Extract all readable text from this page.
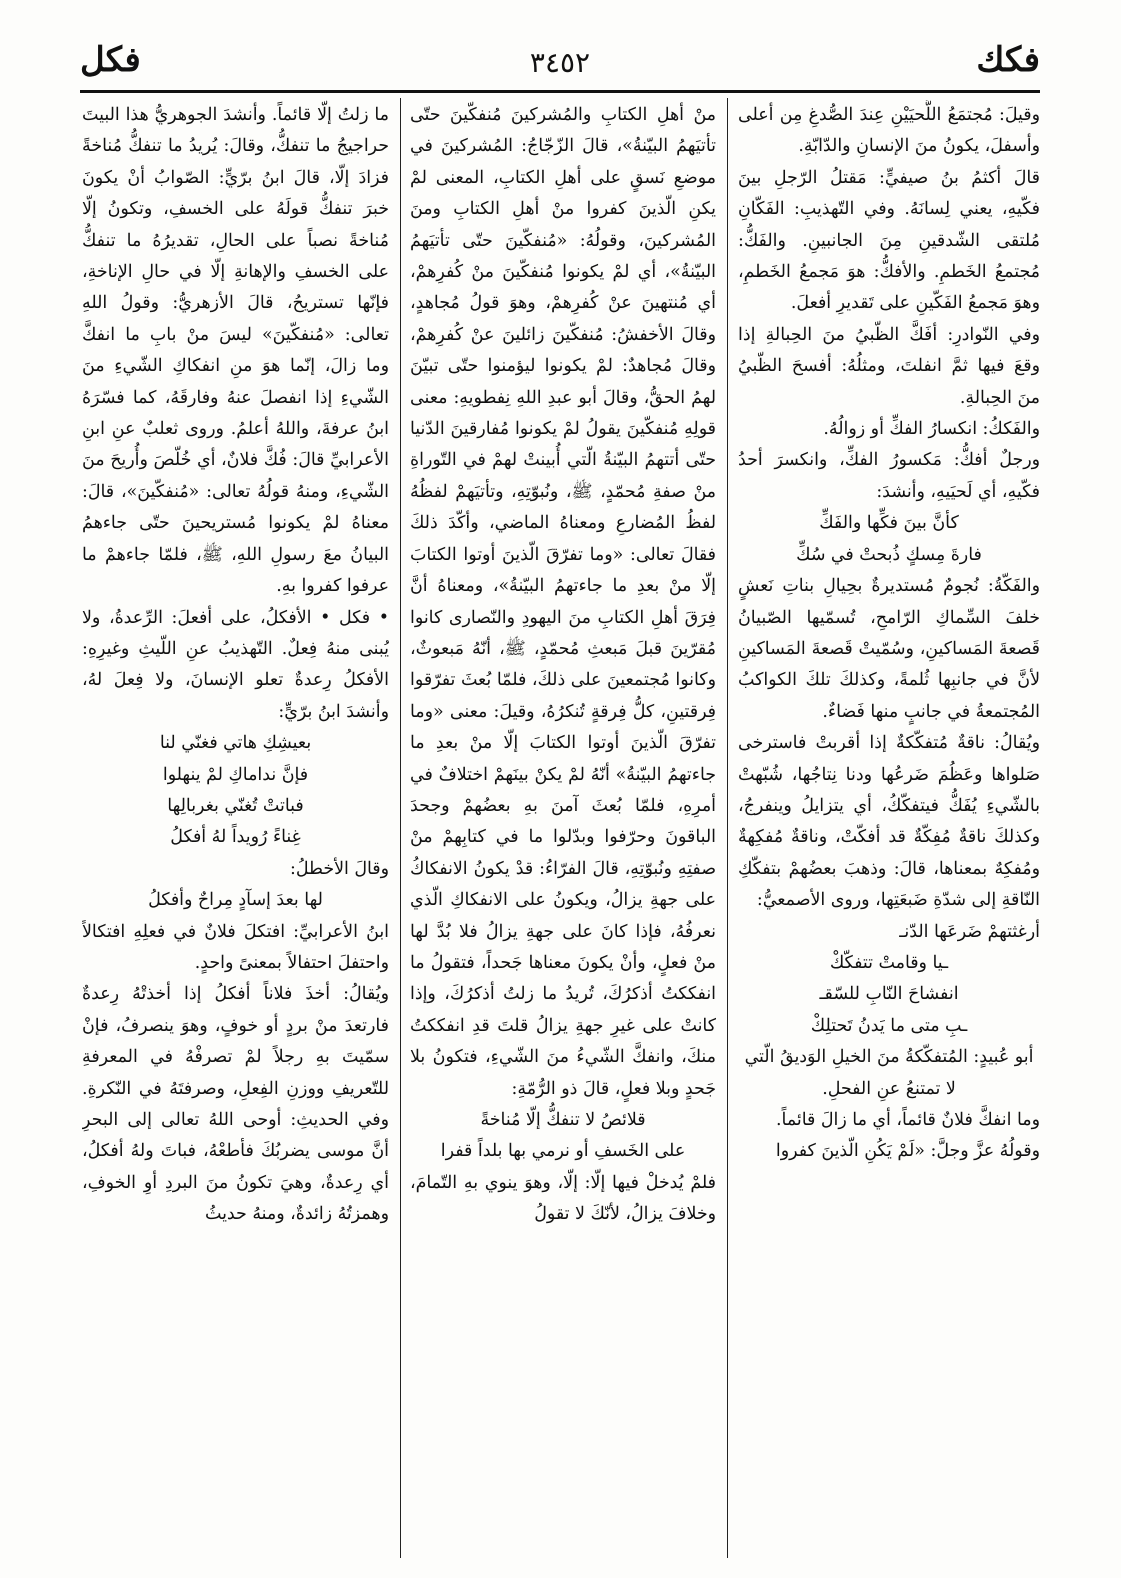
فكك
٣٤٥٢
فكل

وقيلَ: مُجتمَعُ اللَّحيَيْنِ عِندَ الصُّدغِ مِن أعلى وأسفلَ، يكونُ منَ الإنسانِ والدّابّةِ.

قالَ أكثمُ بنُ صيفيٍّ: مَقتلُ الرّجلِ بينَ فكّيهِ، يعني لِسانَهُ. وفي التّهذيبِ: الفَكّانِ مُلتقى الشّدقينِ مِنَ الجانبينِ. والفَكُّ: مُجتمعُ الخَطمِ. والأفكُّ: هوَ مَجمعُ الخَطمِ، وهوَ مَجمعُ الفَكّينِ على تَقديرِ أفعلَ.

وفي النّوادرِ: أفَكَّ الظّبيُ منَ الحِبالةِ إذا وقعَ فيها ثمَّ انفلتَ، ومثلُهُ: أفسحَ الظّبيُ منَ الحِبالةِ.

والفَككُ: انكسارُ الفكِّ أو زوالُهُ.

ورجلٌ أفكُّ: مَكسورُ الفكِّ، وانكسرَ أحدُ فكّيهِ، أي لَحيَيهِ، وأنشدَ:

كأنَّ بينَ فكِّها والفَكِّ

فارةَ مِسكٍ ذُبحتْ في سُكِّ

والفَكّةُ: نُجومٌ مُستديرةٌ بحِيالِ بناتِ نَعشٍ خلفَ السِّماكِ الرّامحِ، تُسمّيها الصّبيانُ قَصعةَ المَساكينِ، وسُمّيتْ قَصعةَ المَساكينِ لأنَّ في جانبِها ثُلمةً، وكذلكَ تلكَ الكواكبُ المُجتمعةُ في جانبٍ منها فَضاءٌ.

ويُقالُ: ناقةٌ مُتفكّكةٌ إذا أقربتْ فاسترخى صَلواها وعَظُمَ ضَرعُها ودنا نِتاجُها، شُبّهتْ بالشّيءِ يُفَكُّ فيتفكّكُ، أي يتزايلُ وينفرجُ، وكذلكَ ناقةٌ مُفِكّةٌ قد أفكّتْ، وناقةٌ مُفكِهةٌ ومُفكِهٌ بمعناها، قالَ: وذهبَ بعضُهمْ بتفكّكِ النّاقةِ إلى شدّةِ ضَبعَتِها، وروى الأصمعيُّ:

أرغثتهمْ ضَرعَها الدّنـ

ـيا وقامتْ تتفكّكْ

انفشاحَ النّابِ للسّقـ

ـبِ متى ما يَدنُ تَحتلِكْ

أبو عُبيدٍ: المُتفكّكةُ منَ الخيلِ الوَديقُ الّتي لا تمتنعُ عنِ الفحلِ.

وما انفكَّ فلانٌ قائماً، أي ما زالَ قائماً.

وقولُهُ عزَّ وجلَّ: «لَمْ يَكُنِ الّذينَ كفروا

منْ أهلِ الكتابِ والمُشركينَ مُنفكّينَ حتّى تأتيَهمُ البيّنةُ»، قالَ الزّجّاجُ: المُشركينَ في موضعِ نَسقٍ على أهلِ الكتابِ، المعنى لمْ يكنِ الّذينَ كفروا منْ أهلِ الكتابِ ومنَ المُشركينَ، وقولُهُ: «مُنفكّينَ حتّى تأتيَهمُ البيّنةُ»، أي لمْ يكونوا مُنفكّينَ منْ كُفرِهمْ، أي مُنتهينَ عنْ كُفرِهمْ، وهوَ قولُ مُجاهدٍ، وقالَ الأخفشُ: مُنفكّينَ زائلينَ عنْ كُفرِهمْ، وقالَ مُجاهدٌ: لمْ يكونوا ليؤمنوا حتّى تبيّنَ لهمُ الحقُّ، وقالَ أبو عبدِ اللهِ نِفطويهِ: معنى قولِهِ مُنفكّينَ يقولُ لمْ يكونوا مُفارقينَ الدّنيا حتّى أتتهمُ البيّنةُ الّتي أُبينتْ لهمْ في التّوراةِ منْ صفةِ مُحمّدٍ، ﷺ، ونُبوّتِهِ، وتأتيَهمْ لفظُهُ لفظُ المُضارعِ ومعناهُ الماضي، وأكّدَ ذلكَ فقالَ تعالى: «وما تفرّقَ الّذينَ أوتوا الكتابَ إلّا منْ بعدِ ما جاءتهمُ البيّنةُ»، ومعناهُ أنَّ فِرَقَ أهلِ الكتابِ منَ اليهودِ والنّصارى كانوا مُقرّينَ قبلَ مَبعثِ مُحمّدٍ، ﷺ، أنّهُ مَبعوثٌ، وكانوا مُجتمعينَ على ذلكَ، فلمّا بُعثَ تفرّقوا فِرقتينِ، كلُّ فِرقةٍ تُنكرُهُ، وقيلَ: معنى «وما تفرّقَ الّذينَ أوتوا الكتابَ إلّا منْ بعدِ ما جاءتهمُ البيّنةُ» أنّهُ لمْ يكنْ بينَهمْ اختلافٌ في أمرِهِ، فلمّا بُعثَ آمنَ بهِ بعضُهمْ وجحدَ الباقونَ وحرّفوا وبدّلوا ما في كتابِهمْ منْ صفتِهِ ونُبوّتِهِ، قالَ الفرّاءُ: قدْ يكونُ الانفكاكُ على جهةِ يزالُ، ويكونُ على الانفكاكِ الّذي نعرفُهُ، فإذا كانَ على جهةِ يزالُ فلا بُدَّ لها منْ فعلٍ، وأنْ يكونَ معناها جَحداً، فتقولُ ما انفككتُ أذكرُكَ، تُريدُ ما زلتُ أذكرُكَ، وإذا كانتْ على غيرِ جهةِ يزالُ قلتَ قدِ انفككتُ منكَ، وانفكَّ الشّيءُ منَ الشّيءِ، فتكونُ بلا جَحدٍ وبلا فعلٍ، قالَ ذو الرُّمّةِ:

قلائصُ لا تنفكُّ إلّا مُناخةً

على الخَسفِ أو نرمي بها بلداً قفرا

فلمْ يُدخلْ فيها إلّا: إلّا، وهوَ ينوي بهِ التّمامَ، وخلافَ يزالُ، لأنّكَ لا تقولُ

ما زلتُ إلّا قائماً. وأنشدَ الجوهريُّ هذا البيتَ حراجيجُ ما تنفكُّ، وقالَ: يُريدُ ما تنفكُّ مُناخةً فزادَ إلّا، قالَ ابنُ برّيٍّ: الصّوابُ أنْ يكونَ خبرَ تنفكُّ قولَهُ على الخسفِ، وتكونُ إلّا مُناخةً نصباً على الحالِ، تقديرُهُ ما تنفكُّ على الخسفِ والإهانةِ إلّا في حالِ الإناخةِ، فإنّها تستريحُ، قالَ الأزهريُّ: وقولُ اللهِ تعالى: «مُنفكّينَ» ليسَ منْ بابِ ما انفكَّ وما زالَ، إنّما هوَ منِ انفكاكِ الشّيءِ منَ الشّيءِ إذا انفصلَ عنهُ وفارقَهُ، كما فسّرَهُ ابنُ عرفةَ، واللهُ أعلمُ. وروى ثعلبٌ عنِ ابنِ الأعرابيِّ قالَ: فُكَّ فلانٌ، أي خُلّصَ وأُريحَ منَ الشّيءِ، ومنهُ قولُهُ تعالى: «مُنفكّينَ»، قالَ: معناهُ لمْ يكونوا مُستريحينَ حتّى جاءهمُ البيانُ معَ رسولِ اللهِ، ﷺ، فلمّا جاءهمْ ما عرفوا كفروا بهِ.

• فكل • الأفكلُ، على أفعلَ: الرِّعدةُ، ولا يُبنى منهُ فِعلٌ. التّهذيبُ عنِ اللّيثِ وغيرِهِ: الأفكلُ رِعدةٌ تعلو الإنسانَ، ولا فِعلَ لهُ، وأنشدَ ابنُ برّيٍّ:

بعيشِكِ هاتي فغنّي لنا

فإنَّ نداماكِ لمْ ينهلوا

فباتتْ تُغنّي بغربالِها

غِناءً رُويداً لهُ أفكلُ

وقالَ الأخطلُ:

لها بعدَ إسآدٍ مِراحٌ وأفكلُ

ابنُ الأعرابيِّ: افتكلَ فلانٌ في فعلِهِ افتكالاً واحتفلَ احتفالاً بمعنىً واحدٍ.

ويُقالُ: أخذَ فلاناً أفكلُ إذا أخذتْهُ رِعدةٌ فارتعدَ منْ بردٍ أو خوفٍ، وهوَ ينصرفُ، فإنْ سمّيتَ بهِ رجلاً لمْ تصرفْهُ في المعرفةِ للتّعريفِ ووزنِ الفِعلِ، وصرفتَهُ في النّكرةِ. وفي الحديثِ: أوحى اللهُ تعالى إلى البحرِ أنَّ موسى يضربُكَ فأطعْهُ، فباتَ ولهُ أفكلُ، أي رِعدةٌ، وهيَ تكونُ منَ البردِ أوِ الخوفِ، وهمزتُهُ زائدةٌ، ومنهُ حديثُ
